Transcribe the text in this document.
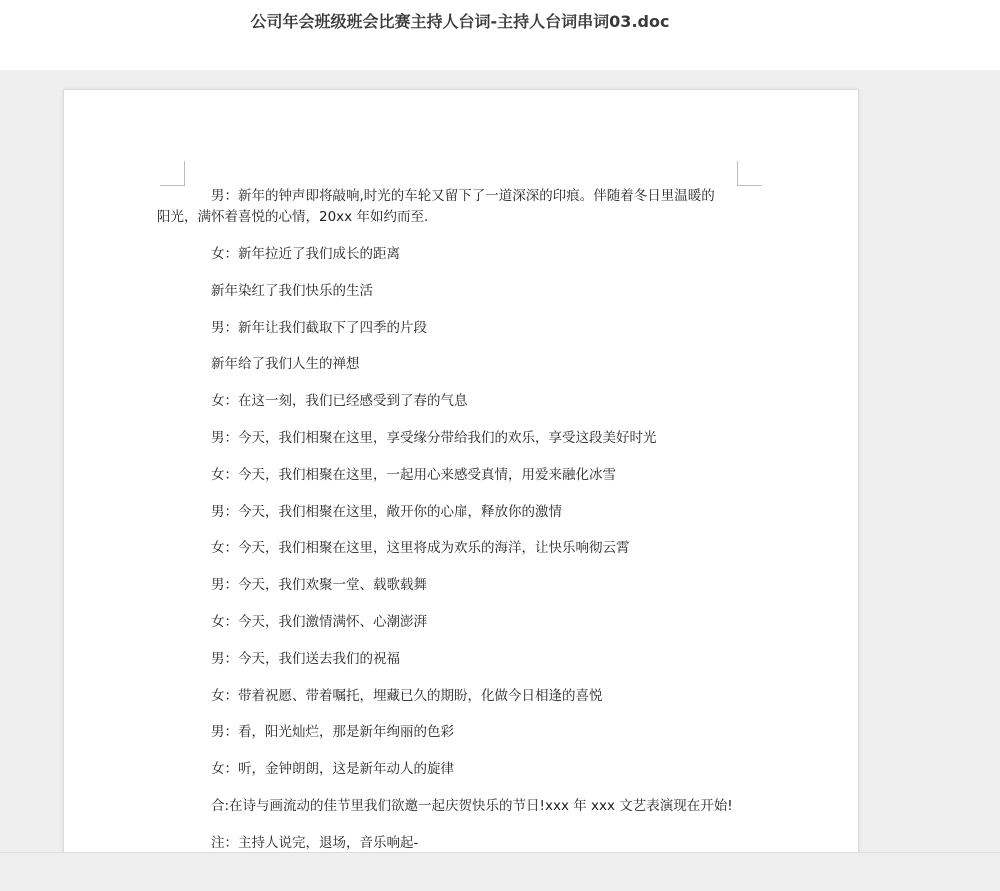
公司年会班级班会比赛主持人台词-主持人台词串词03.doc
男：新年的钟声即将敲响,时光的车轮又留下了一道深深的印痕。伴随着冬日里温暖的
阳光，满怀着喜悦的心情，20xx 年如约而至.

女：新年拉近了我们成长的距离

新年染红了我们快乐的生活

男：新年让我们截取下了四季的片段

新年给了我们人生的禅想

女：在这一刻，我们已经感受到了春的气息

男：今天，我们相聚在这里，享受缘分带给我们的欢乐，享受这段美好时光

女：今天，我们相聚在这里，一起用心来感受真情，用爱来融化冰雪

男：今天，我们相聚在这里，敞开你的心扉，释放你的激情

女：今天，我们相聚在这里，这里将成为欢乐的海洋，让快乐响彻云霄

男：今天，我们欢聚一堂、载歌载舞

女：今天，我们激情满怀、心潮澎湃

男：今天，我们送去我们的祝福

女：带着祝愿、带着嘱托，埋藏已久的期盼，化做今日相逢的喜悦

男：看，阳光灿烂，那是新年绚丽的色彩

女：听，金钟朗朗，这是新年动人的旋律

合:在诗与画流动的佳节里我们欲邀一起庆贺快乐的节日!xxx 年 xxx 文艺表演现在开始!

注：主持人说完，退场，音乐响起-
